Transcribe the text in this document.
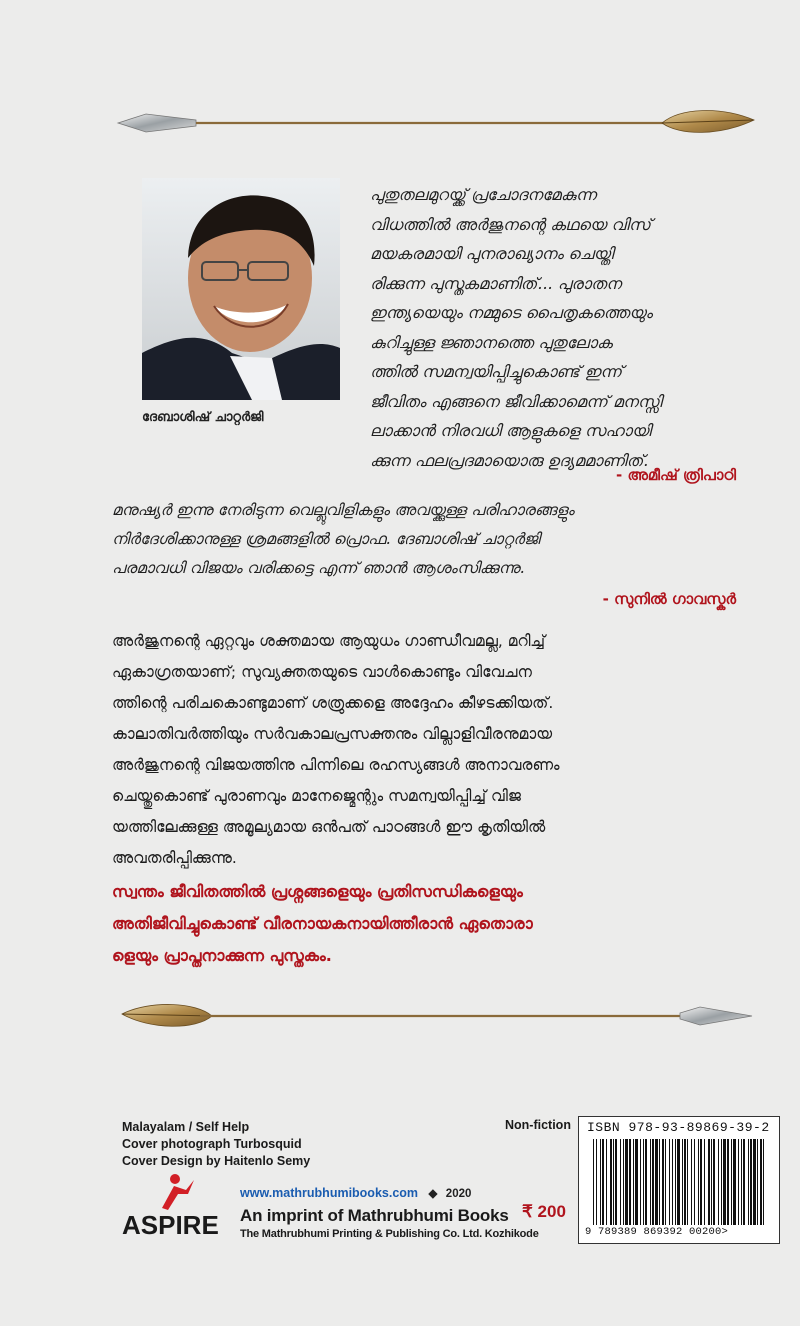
ദേബാശിഷ് ചാറ്റർജി
പുതുതലമുറയ്ക്ക് പ്രചോദനമേകുന്ന
വിധത്തിൽ അർജുനന്റെ കഥയെ വിസ്
മയകരമായി പുനരാഖ്യാനം ചെയ്തി
രിക്കുന്ന പുസ്തകമാണിത്... പുരാതന
ഇന്ത്യയെയും നമ്മുടെ പൈതൃകത്തെയും
കുറിച്ചുള്ള ജ്ഞാനത്തെ പുതുലോക
ത്തിൽ സമന്വയിപ്പിച്ചുകൊണ്ട് ഇന്ന്
ജീവിതം എങ്ങനെ ജീവിക്കാമെന്ന് മനസ്സി
ലാക്കാൻ നിരവധി ആളുകളെ സഹായി
ക്കുന്ന ഫലപ്രദമായൊരു ഉദ്യമമാണിത്.
- അമീഷ് ത്രിപാഠി
മനുഷ്യർ ഇന്നു നേരിടുന്ന വെല്ലുവിളികളും അവയ്ക്കുള്ള പരിഹാരങ്ങളും
നിർദേശിക്കാനുള്ള ശ്രമങ്ങളിൽ പ്രൊഫ. ദേബാശിഷ് ചാറ്റർജി
പരമാവധി വിജയം വരിക്കട്ടെ എന്ന് ഞാൻ ആശംസിക്കുന്നു.
- സുനിൽ ഗാവസ്കർ
അർജുനന്റെ ഏറ്റവും ശക്തമായ ആയുധം ഗാണ്ഡീവമല്ല, മറിച്ച്
ഏകാഗ്രതയാണ്; സുവ്യക്തതയുടെ വാൾകൊണ്ടും വിവേചന
ത്തിന്റെ പരിചകൊണ്ടുമാണ് ശത്രുക്കളെ അദ്ദേഹം കീഴടക്കിയത്.
കാലാതിവർത്തിയും സർവകാലപ്രസക്തനും വില്ലാളിവീരനുമായ
അർജുനന്റെ വിജയത്തിനു പിന്നിലെ രഹസ്യങ്ങൾ അനാവരണം
ചെയ്തുകൊണ്ട് പുരാണവും മാനേജ്മെന്റും സമന്വയിപ്പിച്ച് വിജ
യത്തിലേക്കുള്ള അമൂല്യമായ ഒൻപത് പാഠങ്ങൾ ഈ കൃതിയിൽ
അവതരിപ്പിക്കുന്നു.
സ്വന്തം ജീവിതത്തിൽ പ്രശ്നങ്ങളെയും പ്രതിസന്ധികളെയും
അതിജീവിച്ചുകൊണ്ട് വീരനായകനായിത്തീരാൻ ഏതൊരാ
ളെയും പ്രാപ്തനാക്കുന്ന പുസ്തകം.
Malayalam / Self Help
Cover photograph Turbosquid
Cover Design by Haitenlo Semy
Non-fiction
ASPIRE
www.mathrubhumibooks.com ◆ 2020
An imprint of Mathrubhumi Books
The Mathrubhumi Printing & Publishing Co. Ltd. Kozhikode
₹ 200
ISBN 978-93-89869-39-2
9 789389 869392 00200>
